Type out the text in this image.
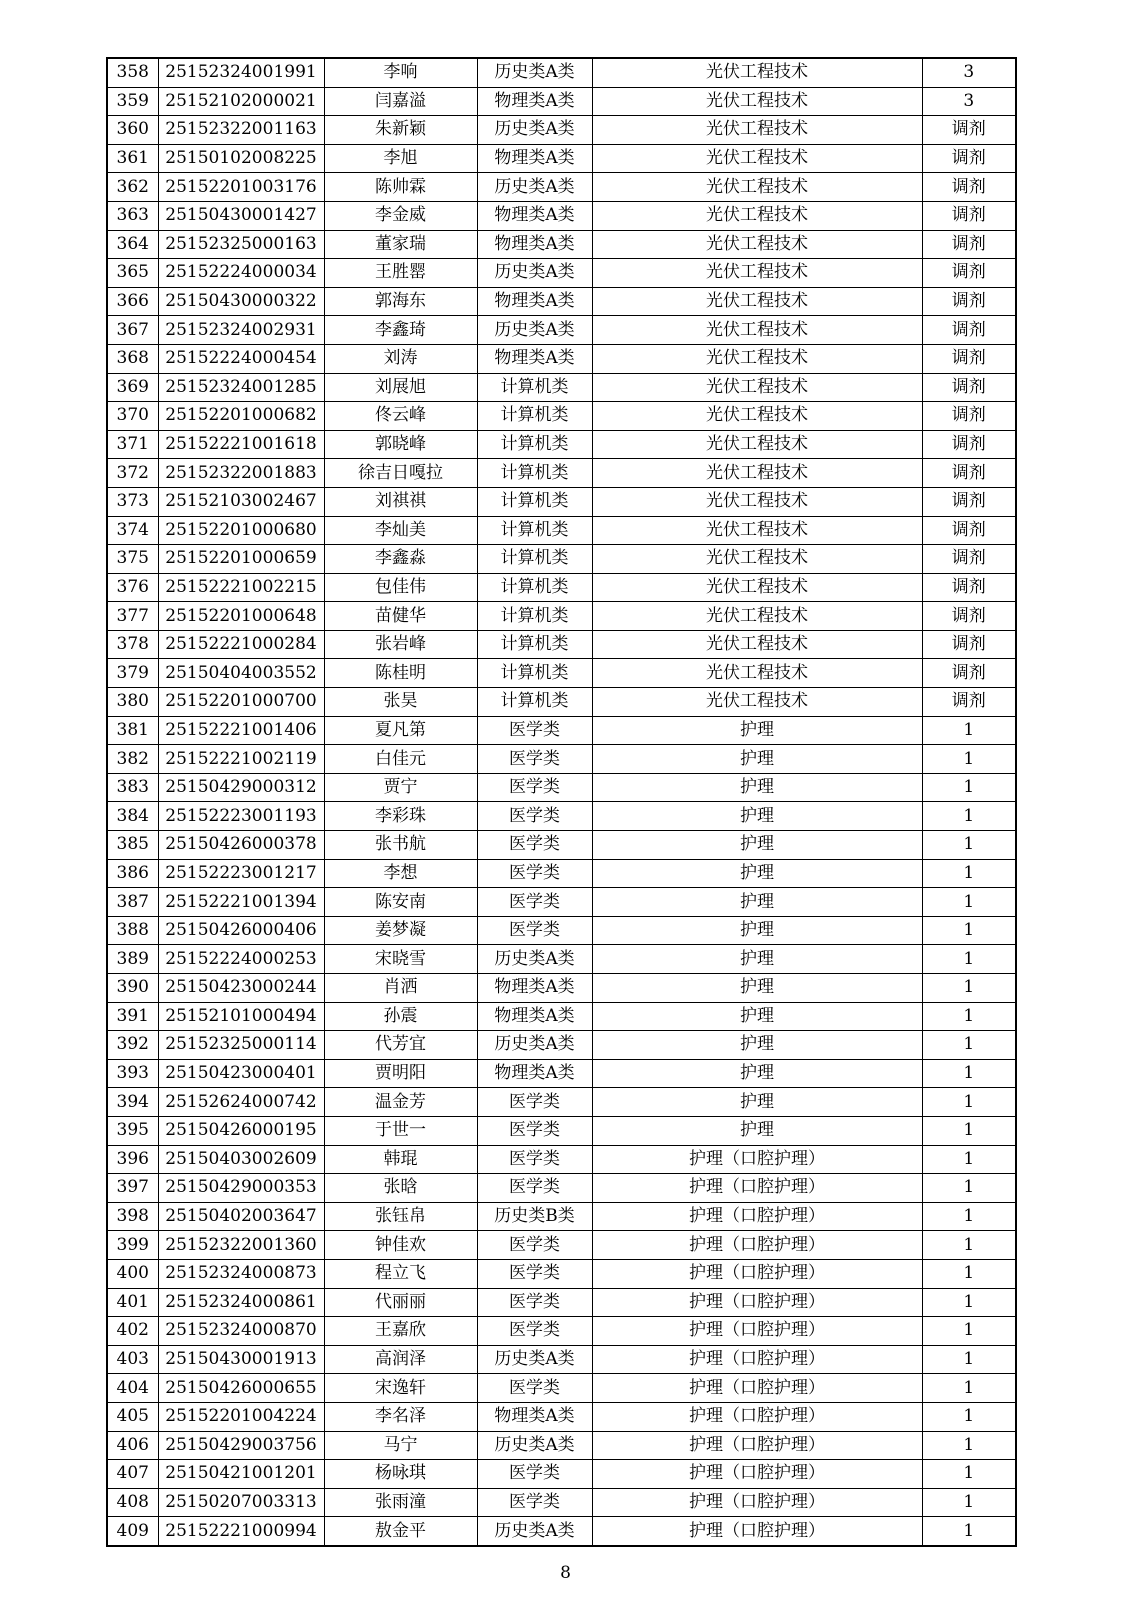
358	25152324001991	李响	历史类A类	光伏工程技术	3
359	25152102000021	闫嘉溢	物理类A类	光伏工程技术	3
360	25152322001163	朱新颖	历史类A类	光伏工程技术	调剂
361	25150102008225	李旭	物理类A类	光伏工程技术	调剂
362	25152201003176	陈帅霖	历史类A类	光伏工程技术	调剂
363	25150430001427	李金威	物理类A类	光伏工程技术	调剂
364	25152325000163	董家瑞	物理类A类	光伏工程技术	调剂
365	25152224000034	王胜罂	历史类A类	光伏工程技术	调剂
366	25150430000322	郭海东	物理类A类	光伏工程技术	调剂
367	25152324002931	李鑫琦	历史类A类	光伏工程技术	调剂
368	25152224000454	刘涛	物理类A类	光伏工程技术	调剂
369	25152324001285	刘展旭	计算机类	光伏工程技术	调剂
370	25152201000682	佟云峰	计算机类	光伏工程技术	调剂
371	25152221001618	郭晓峰	计算机类	光伏工程技术	调剂
372	25152322001883	徐吉日嘎拉	计算机类	光伏工程技术	调剂
373	25152103002467	刘祺祺	计算机类	光伏工程技术	调剂
374	25152201000680	李灿美	计算机类	光伏工程技术	调剂
375	25152201000659	李鑫淼	计算机类	光伏工程技术	调剂
376	25152221002215	包佳伟	计算机类	光伏工程技术	调剂
377	25152201000648	苗健华	计算机类	光伏工程技术	调剂
378	25152221000284	张岩峰	计算机类	光伏工程技术	调剂
379	25150404003552	陈桂明	计算机类	光伏工程技术	调剂
380	25152201000700	张昊	计算机类	光伏工程技术	调剂
381	25152221001406	夏凡第	医学类	护理	1
382	25152221002119	白佳元	医学类	护理	1
383	25150429000312	贾宁	医学类	护理	1
384	25152223001193	李彩珠	医学类	护理	1
385	25150426000378	张书航	医学类	护理	1
386	25152223001217	李想	医学类	护理	1
387	25152221001394	陈安南	医学类	护理	1
388	25150426000406	姜梦凝	医学类	护理	1
389	25152224000253	宋晓雪	历史类A类	护理	1
390	25150423000244	肖洒	物理类A类	护理	1
391	25152101000494	孙震	物理类A类	护理	1
392	25152325000114	代芳宜	历史类A类	护理	1
393	25150423000401	贾明阳	物理类A类	护理	1
394	25152624000742	温金芳	医学类	护理	1
395	25150426000195	于世一	医学类	护理	1
396	25150403002609	韩琨	医学类	护理（口腔护理）	1
397	25150429000353	张晗	医学类	护理（口腔护理）	1
398	25150402003647	张钰帛	历史类B类	护理（口腔护理）	1
399	25152322001360	钟佳欢	医学类	护理（口腔护理）	1
400	25152324000873	程立飞	医学类	护理（口腔护理）	1
401	25152324000861	代丽丽	医学类	护理（口腔护理）	1
402	25152324000870	王嘉欣	医学类	护理（口腔护理）	1
403	25150430001913	高润泽	历史类A类	护理（口腔护理）	1
404	25150426000655	宋逸轩	医学类	护理（口腔护理）	1
405	25152201004224	李名泽	物理类A类	护理（口腔护理）	1
406	25150429003756	马宁	历史类A类	护理（口腔护理）	1
407	25150421001201	杨咏琪	医学类	护理（口腔护理）	1
408	25150207003313	张雨潼	医学类	护理（口腔护理）	1
409	25152221000994	敖金平	历史类A类	护理（口腔护理）	1
8
